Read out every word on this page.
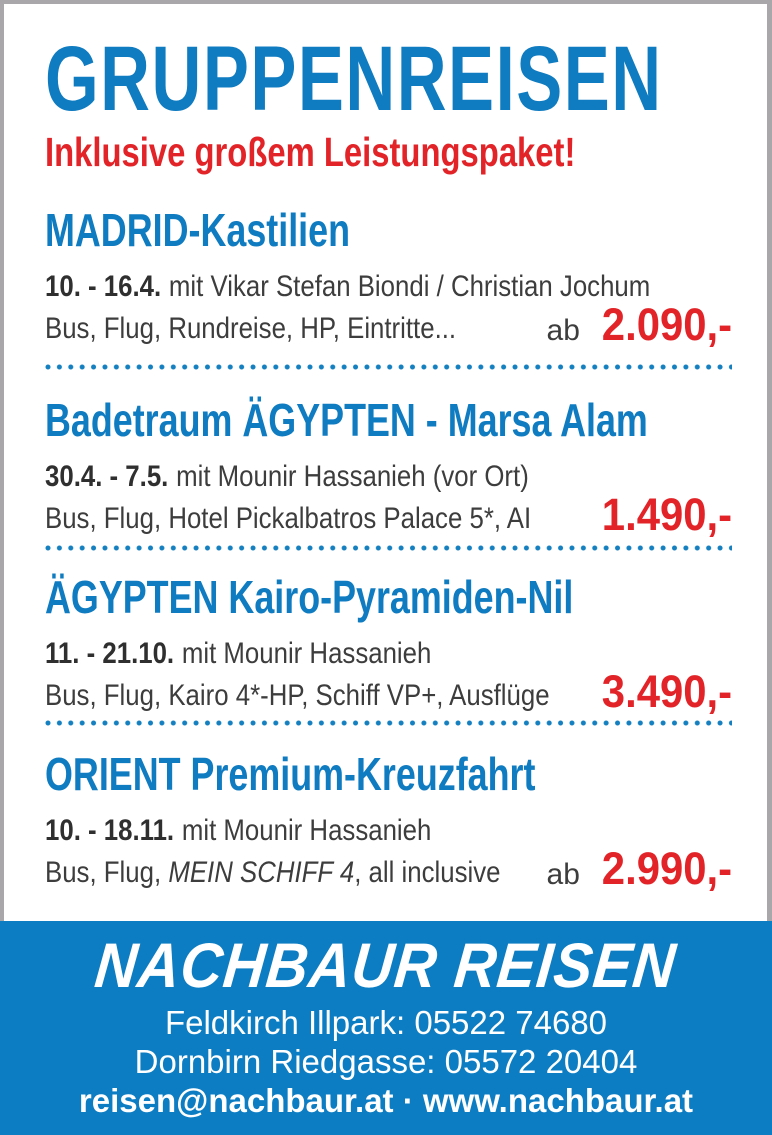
GRUPPENREISEN

Inklusive großem Leistungspaket!

MADRID-Kastilien

10. - 16.4. mit Vikar Stefan Biondi / Christian Jochum

Bus, Flug, Rundreise, HP, Eintritte...	ab 2.090,-
Badetraum ÄGYPTEN - Marsa Alam

30.4. - 7.5. mit Mounir Hassanieh (vor Ort)

Bus, Flug, Hotel Pickalbatros Palace 5*, AI 1.490,-
ÄGYPTEN Kairo-Pyramiden-Nil

11. - 21.10. mit Mounir Hassanieh

Bus, Flug, Kairo 4*-HP, Schiff VP+, Ausflüge 3.490,-
ORIENT Premium-Kreuzfahrt

10. - 18.11. mit Mounir Hassanieh

Bus, Flug, MEIN SCHIFF 4, all inclusive ab 2.990,-
NACHBAUR REISEN
Feldkirch Illpark: 05522 74680
Dornbirn Riedgasse: 05572 20404
reisen@nachbaur.at · www.nachbaur.at
